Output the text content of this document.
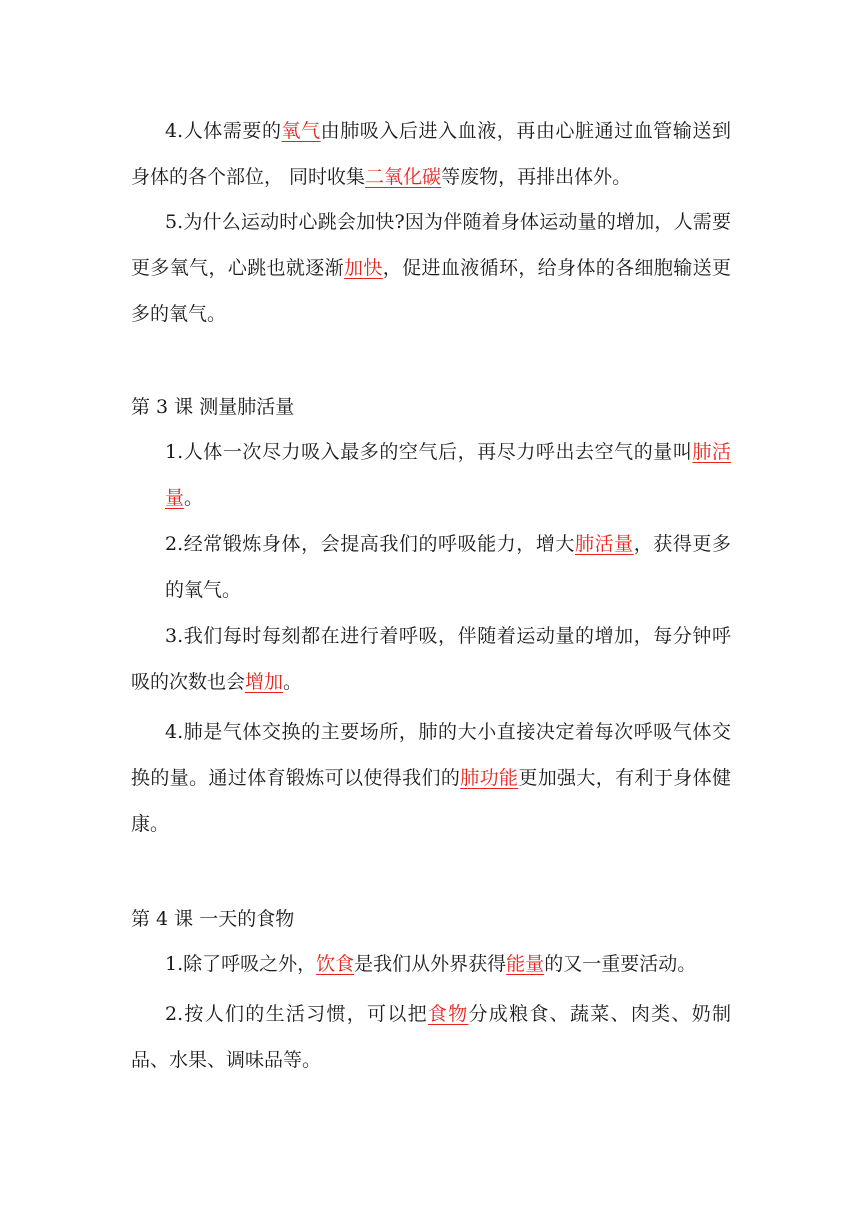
4.人体需要的氧气由肺吸入后进入血液，再由心脏通过血管输送到身体的各个部位， 同时收集二氧化碳等废物，再排出体外。

5.为什么运动时心跳会加快?因为伴随着身体运动量的增加，人需要更多氧气，心跳也就逐渐加快，促进血液循环，给身体的各细胞输送更多的氧气。

第 3 课 测量肺活量

1.人体一次尽力吸入最多的空气后，再尽力呼出去空气的量叫肺活量。

2.经常锻炼身体，会提高我们的呼吸能力，增大肺活量，获得更多的氧气。

3.我们每时每刻都在进行着呼吸，伴随着运动量的增加，每分钟呼吸的次数也会增加。

4.肺是气体交换的主要场所，肺的大小直接决定着每次呼吸气体交换的量。通过体育锻炼可以使得我们的肺功能更加强大，有利于身体健康。

第 4 课 一天的食物

1.除了呼吸之外，饮食是我们从外界获得能量的又一重要活动。

2.按人们的生活习惯，可以把食物分成粮食、蔬菜、肉类、奶制品、水果、调味品等。
